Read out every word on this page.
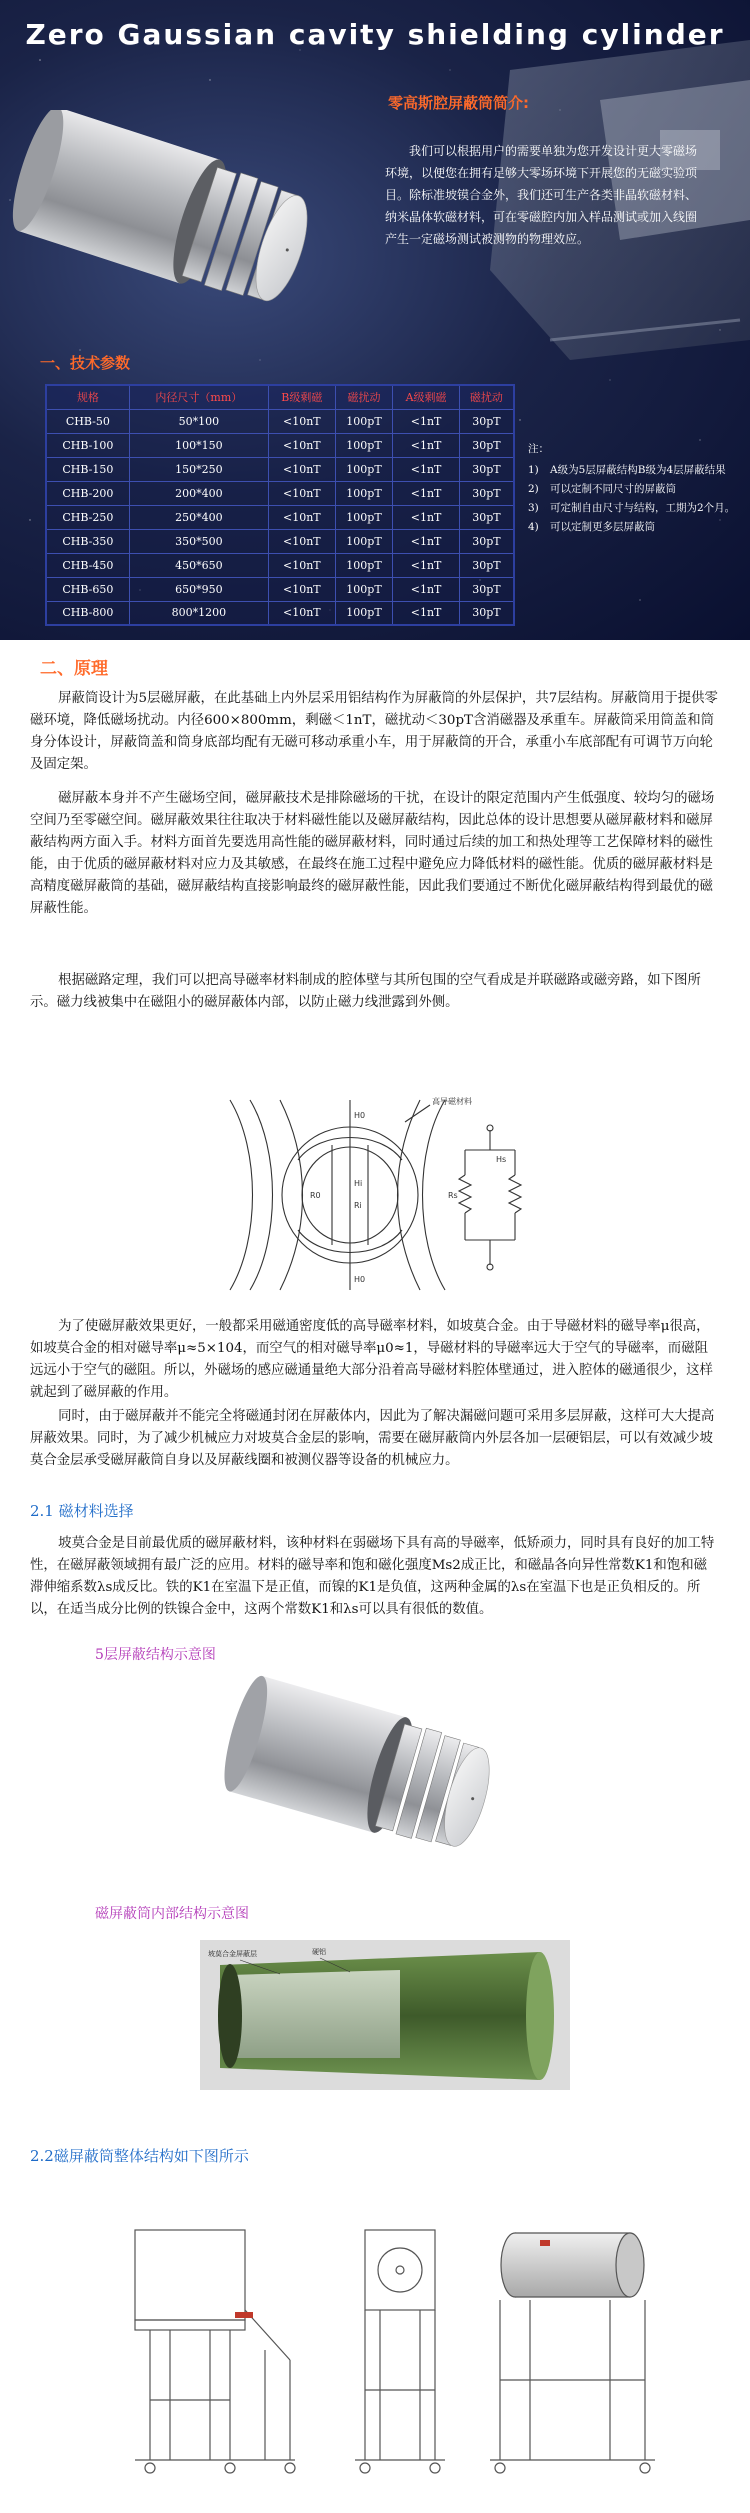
Zero Gaussian cavity shielding cylinder
零高斯腔屏蔽筒简介:
我们可以根据用户的需要单独为您开发设计更大零磁场环境，以便您在拥有足够大零场环境下开展您的无磁实验项目。除标准坡镆合金外，我们还可生产各类非晶软磁材料、纳米晶体软磁材料，可在零磁腔内加入样品测试或加入线圈产生一定磁场测试被测物的物理效应。
一、技术参数
规格	内径尺寸（mm）	B级剩磁	磁扰动	A级剩磁	磁扰动
CHB-50	50*100	<10nT	100pT	<1nT	30pT
CHB-100	100*150	<10nT	100pT	<1nT	30pT
CHB-150	150*250	<10nT	100pT	<1nT	30pT
CHB-200	200*400	<10nT	100pT	<1nT	30pT
CHB-250	250*400	<10nT	100pT	<1nT	30pT
CHB-350	350*500	<10nT	100pT	<1nT	30pT
CHB-450	450*650	<10nT	100pT	<1nT	30pT
CHB-650	650*950	<10nT	100pT	<1nT	30pT
CHB-800	800*1200	<10nT	100pT	<1nT	30pT
注：
1)	A级为5层屏蔽结构B级为4层屏蔽结果
2)	可以定制不同尺寸的屏蔽筒
3)	可定制自由尺寸与结构，工期为2个月。
4)	可以定制更多层屏蔽筒
二、原理
屏蔽筒设计为5层磁屏蔽，在此基础上内外层采用铝结构作为屏蔽筒的外层保护，共7层结构。屏蔽筒用于提供零磁环境，降低磁场扰动。内径600×800mm，剩磁＜1nT，磁扰动＜30pT含消磁器及承重车。屏蔽筒采用筒盖和筒身分体设计，屏蔽筒盖和筒身底部均配有无磁可移动承重小车，用于屏蔽筒的开合，承重小车底部配有可调节万向轮及固定架。
磁屏蔽本身并不产生磁场空间，磁屏蔽技术是排除磁场的干扰，在设计的限定范围内产生低强度、较均匀的磁场空间乃至零磁空间。磁屏蔽效果往往取决于材料磁性能以及磁屏蔽结构，因此总体的设计思想要从磁屏蔽材料和磁屏蔽结构两方面入手。材料方面首先要选用高性能的磁屏蔽材料，同时通过后续的加工和热处理等工艺保障材料的磁性能，由于优质的磁屏蔽材料对应力及其敏感，在最终在施工过程中避免应力降低材料的磁性能。优质的磁屏蔽材料是高精度磁屏蔽筒的基础，磁屏蔽结构直接影响最终的磁屏蔽性能，因此我们要通过不断优化磁屏蔽结构得到最优的磁屏蔽性能。
根据磁路定理，我们可以把高导磁率材料制成的腔体壁与其所包围的空气看成是并联磁路或磁旁路，如下图所示。磁力线被集中在磁阻小的磁屏蔽体内部，以防止磁力线泄露到外侧。
高导磁材料
H0
Hi
R0
Ri
Rs
H0
Hs
为了使磁屏蔽效果更好，一般都采用磁通密度低的高导磁率材料，如坡莫合金。由于导磁材料的磁导率μ很高，如坡莫合金的相对磁导率μ≈5×104，而空气的相对磁导率μ0≈1，导磁材料的导磁率远大于空气的导磁率，而磁阻远远小于空气的磁阻。所以，外磁场的感应磁通量绝大部分沿着高导磁材料腔体壁通过，进入腔体的磁通很少，这样就起到了磁屏蔽的作用。
同时，由于磁屏蔽并不能完全将磁通封闭在屏蔽体内，因此为了解决漏磁问题可采用多层屏蔽，这样可大大提高屏蔽效果。同时，为了减少机械应力对坡莫合金层的影响，需要在磁屏蔽筒内外层各加一层硬铝层，可以有效减少坡莫合金层承受磁屏蔽筒自身以及屏蔽线圈和被测仪器等设备的机械应力。
2.1 磁材料选择
坡莫合金是目前最优质的磁屏蔽材料，该种材料在弱磁场下具有高的导磁率，低矫顽力，同时具有良好的加工特性，在磁屏蔽领域拥有最广泛的应用。材料的磁导率和饱和磁化强度Ms2成正比，和磁晶各向异性常数K1和饱和磁滞伸缩系数λs成反比。铁的K1在室温下是正值，而镍的K1是负值，这两种金属的λs在室温下也是正负相反的。所以，在适当成分比例的铁镍合金中，这两个常数K1和λs可以具有很低的数值。
5层屏蔽结构示意图
磁屏蔽筒内部结构示意图
坡莫合金屏蔽层	硬铝
2.2磁屏蔽筒整体结构如下图所示
